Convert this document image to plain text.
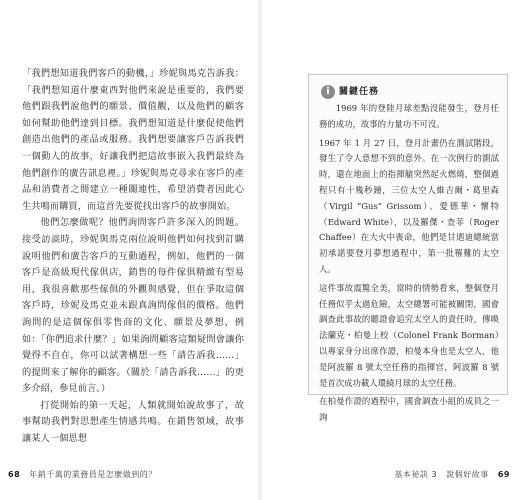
「我們想知道我們客戶的動機，」珍妮與馬克告訴我：「我們想知道什麼東西對他們來說是重要的，我們要他們跟我們說他們的願景、價值觀，以及他們的顧客如何幫助他們達到目標。我們想知道是什麼促使他們創造出他們的產品或服務。我們想要讓客戶告訴我們一個動人的故事，好讓我們把這故事嵌入我們最終為他們創作的廣告訊息裡。」珍妮與馬克尋求在客戶的產品和消費者之間建立一種關連性，希望消費者因此心生共鳴而購買，而這首先要從找出客戶的故事開始。

他們怎麼做呢？他們詢問客戶許多深入的問題。接受訪談時，珍妮與馬克兩位說明他們如何找到訂購說明他們和廣告客戶的互動過程，例如，他們的一個客戶是高級現代傢俱店，銷售的每件傢俱精緻有型易用，我很喜歡那些傢俱的外觀與感覺，但在爭取這個客戶時，珍妮及馬克並未跟真詢問傢俱的價格。他們詢問的是這個傢俱零售商的文化、願景及夢想，例如：「你們追求什麼？」如果詢問顧客這類疑問會讓你覺得不自在，你可以試著構想一些「請告訴我……」的提問來了解你的顧客。（關於「請告訴我……」的更多介紹，參見前言。）

打從開始的第一天起，人類就開始說故事了，故事幫助我們對思想產生情感共鳴。在銷售領域，故事讓某人一個思想

68 年銷千萬的業務員是怎麼做到的？
i	關鍵任務

1969 年的登陸月球差點沒能發生，登月任務的成功，故事的力量功不可沒。

1967 年 1 月 27 日，登月計畫仍在測試階段，發生了令人意想不到的意外。在一次例行的測試時，還在地面上的指揮艙突然起火燃燒，整個過程只有十幾秒鐘，三位太空人維吉爾・葛里森（Virgil “Gus” Grissom）、愛德華・懷特（Edward White），以及羅傑・查菲（Roger Chaffee）在大火中喪命，他們是甘迺迪總統當初承諾要登月夢想過程中，第一批罹難的太空人。

這件事故震驚全美，當時的情勢看來，整個登月任務似乎太過危險，太空總署可能被關閉，國會調查此事故的聽證會追究太空人的責任時，傳喚法蘭克・柏曼上校（Colonel Frank Borman）以專家身分出席作證，柏曼本身也是太空人，他是阿波羅 8 號太空任務的指揮官，阿波羅 8 號是首次成功載人環繞月球的太空任務。

在柏曼作證的過程中，國會調查小組的成員之一詢

基本祕訣 3 說個好故事 69
